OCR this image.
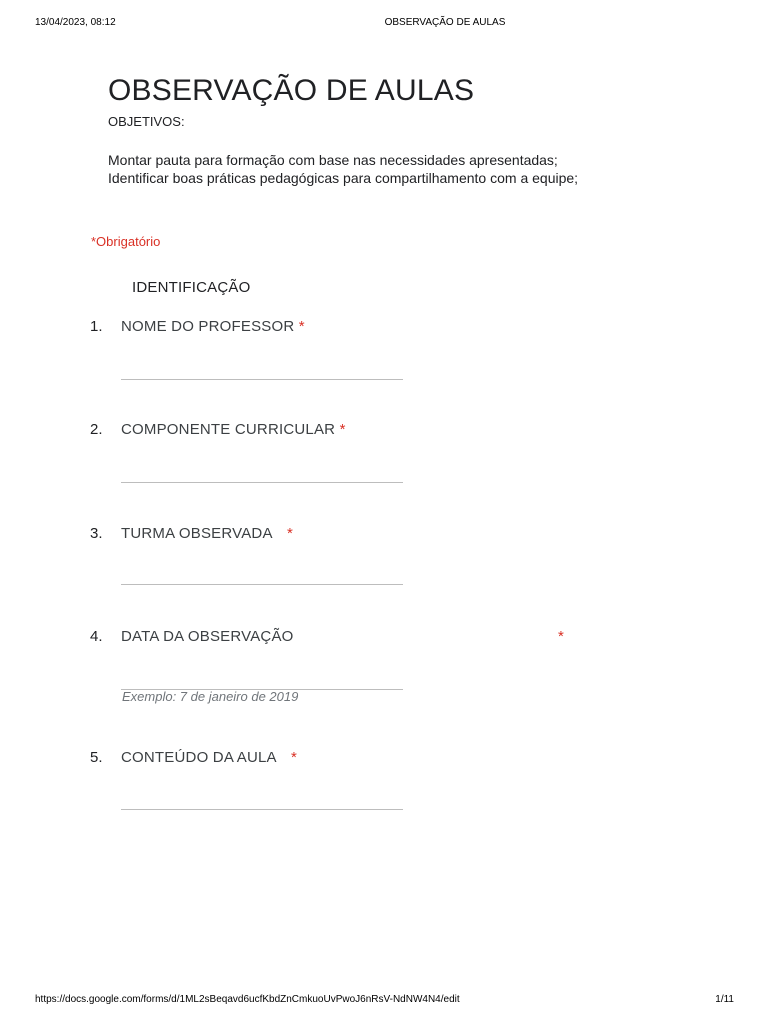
13/04/2023, 08:12	OBSERVAÇÃO DE AULAS
OBSERVAÇÃO DE AULAS
OBJETIVOS:
Montar pauta para formação com base nas necessidades apresentadas;
Identificar boas práticas pedagógicas para compartilhamento com a equipe;
*Obrigatório
IDENTIFICAÇÃO
1. NOME DO PROFESSOR *
2. COMPONENTE CURRICULAR *
3. TURMA OBSERVADA *
4. DATA DA OBSERVAÇÃO	*
Exemplo: 7 de janeiro de 2019
5. CONTEÚDO DA AULA *
https://docs.google.com/forms/d/1ML2sBeqavd6ucfKbdZnCmkuoUvPwoJ6nRsV-NdNW4N4/edit	1/11
